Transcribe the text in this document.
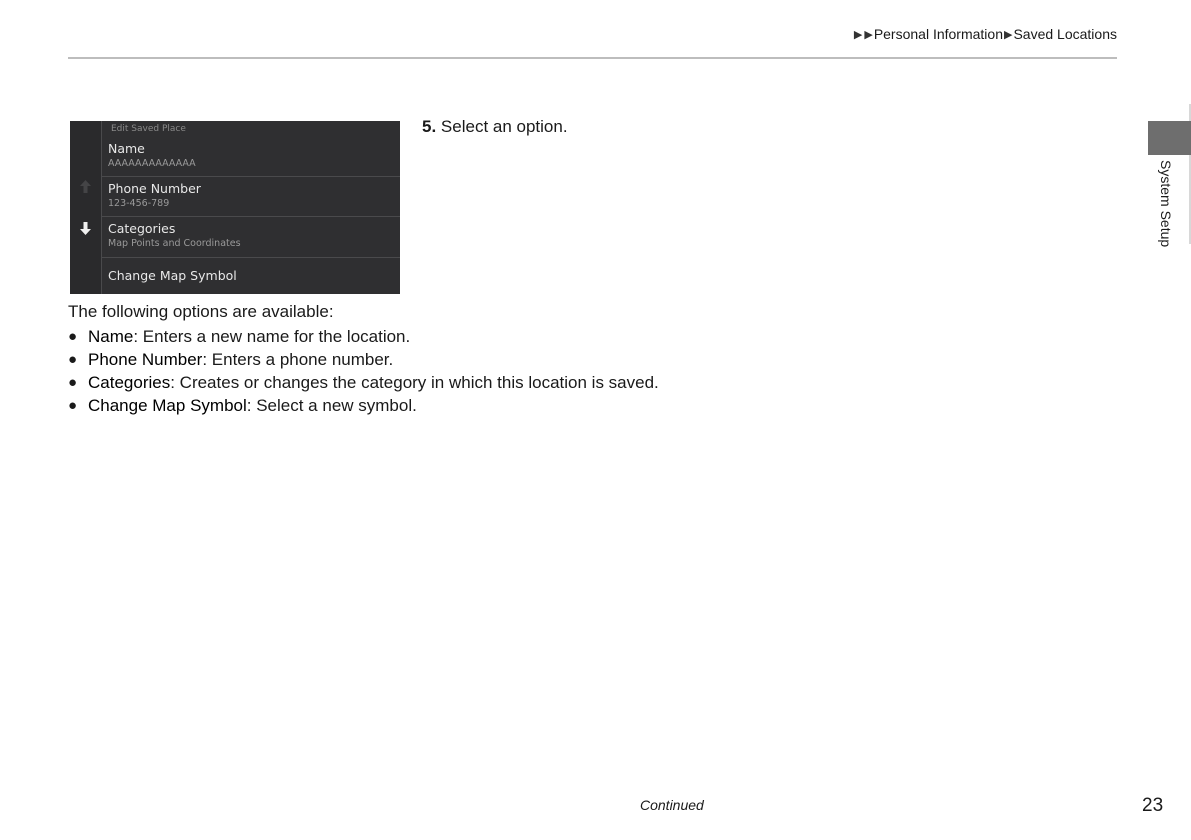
▶ ▶ Personal Information ▶ Saved Locations
System Setup
Edit Saved Place
Name
AAAAAAAAAAAAA
Phone Number
123-456-789
Categories
Map Points and Coordinates
Change Map Symbol
5. Select an option.
The following options are available:
● Name : Enters a new name for the location.
● Phone Number : Enters a phone number.
● Categories : Creates or changes the category in which this location is saved.
● Change Map Symbol : Select a new symbol.
Continued	23
